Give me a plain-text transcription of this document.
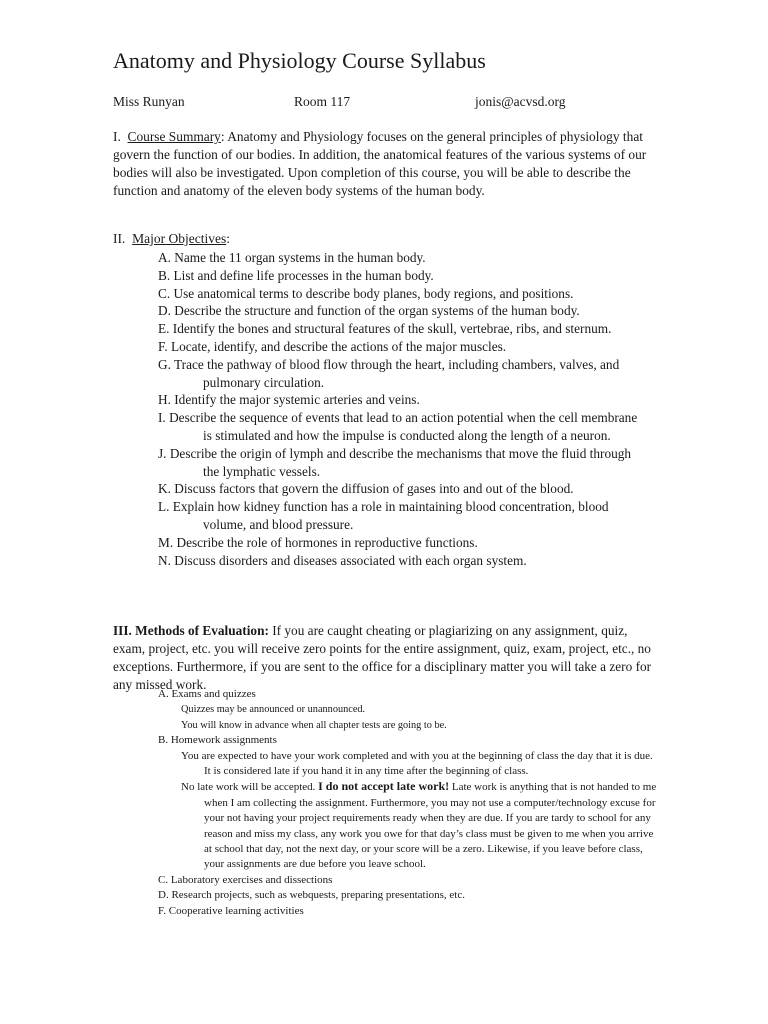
Anatomy and Physiology Course Syllabus
Miss Runyan	Room 117	jonis@acvsd.org

I. Course Summary: Anatomy and Physiology focuses on the general principles of physiology that govern the function of our bodies. In addition, the anatomical features of the various systems of our bodies will also be investigated. Upon completion of this course, you will be able to describe the function and anatomy of the eleven body systems of the human body.

II. Major Objectives:
A. Name the 11 organ systems in the human body.
B. List and define life processes in the human body.
C. Use anatomical terms to describe body planes, body regions, and positions.
D. Describe the structure and function of the organ systems of the human body.
E. Identify the bones and structural features of the skull, vertebrae, ribs, and sternum.
F. Locate, identify, and describe the actions of the major muscles.
G. Trace the pathway of blood flow through the heart, including chambers, valves, and pulmonary circulation.
H. Identify the major systemic arteries and veins.
I. Describe the sequence of events that lead to an action potential when the cell membrane is stimulated and how the impulse is conducted along the length of a neuron.
J. Describe the origin of lymph and describe the mechanisms that move the fluid through the lymphatic vessels.
K. Discuss factors that govern the diffusion of gases into and out of the blood.
L. Explain how kidney function has a role in maintaining blood concentration, blood volume, and blood pressure.
M. Describe the role of hormones in reproductive functions.
N. Discuss disorders and diseases associated with each organ system.

III. Methods of Evaluation: If you are caught cheating or plagiarizing on any assignment, quiz, exam, project, etc. you will receive zero points for the entire assignment, quiz, exam, project, etc., no exceptions. Furthermore, if you are sent to the office for a disciplinary matter you will take a zero for any missed work.

A. Exams and quizzes
Quizzes may be announced or unannounced.
You will know in advance when all chapter tests are going to be.
B. Homework assignments

You are expected to have your work completed and with you at the beginning of class the day that it is due. It is considered late if you hand it in any time after the beginning of class.

No late work will be accepted. I do not accept late work! Late work is anything that is not handed to me when I am collecting the assignment. Furthermore, you may not use a computer/technology excuse for your not having your project requirements ready when they are due. If you are tardy to school for any reason and miss my class, any work you owe for that day’s class must be given to me when you arrive at school that day, not the next day, or your score will be a zero. Likewise, if you leave before class, your assignments are due before you leave school.

C. Laboratory exercises and dissections
D. Research projects, such as webquests, preparing presentations, etc.
F. Cooperative learning activities
